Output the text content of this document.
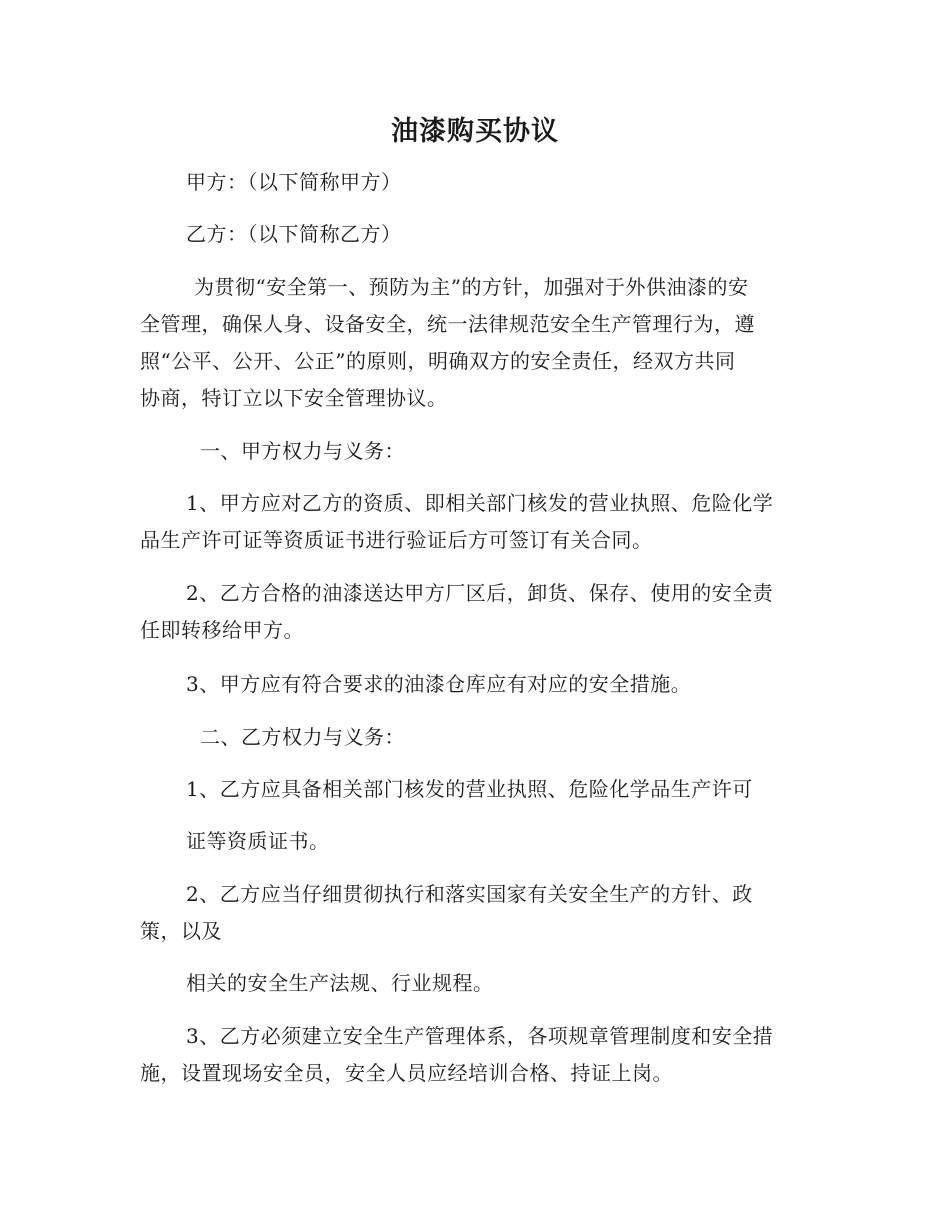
油漆购买协议
甲方：（以下简称甲方）
乙方：（以下简称乙方）
为贯彻“安全第一、预防为主”的方针，加强对于外供油漆的安
全管理，确保人身、设备安全，统一法律规范安全生产管理行为，遵
照“公平、公开、公正”的原则，明确双方的安全责任，经双方共同
协商，特订立以下安全管理协议。
一、甲方权力与义务：
1、甲方应对乙方的资质、即相关部门核发的营业执照、危险化学
品生产许可证等资质证书进行验证后方可签订有关合同。
2、乙方合格的油漆送达甲方厂区后，卸货、保存、使用的安全责
任即转移给甲方。
3、甲方应有符合要求的油漆仓库应有对应的安全措施。
二、乙方权力与义务：
1、乙方应具备相关部门核发的营业执照、危险化学品生产许可
证等资质证书。
2、乙方应当仔细贯彻执行和落实国家有关安全生产的方针、政
策，以及
相关的安全生产法规、行业规程。
3、乙方必须建立安全生产管理体系，各项规章管理制度和安全措
施，设置现场安全员，安全人员应经培训合格、持证上岗。
